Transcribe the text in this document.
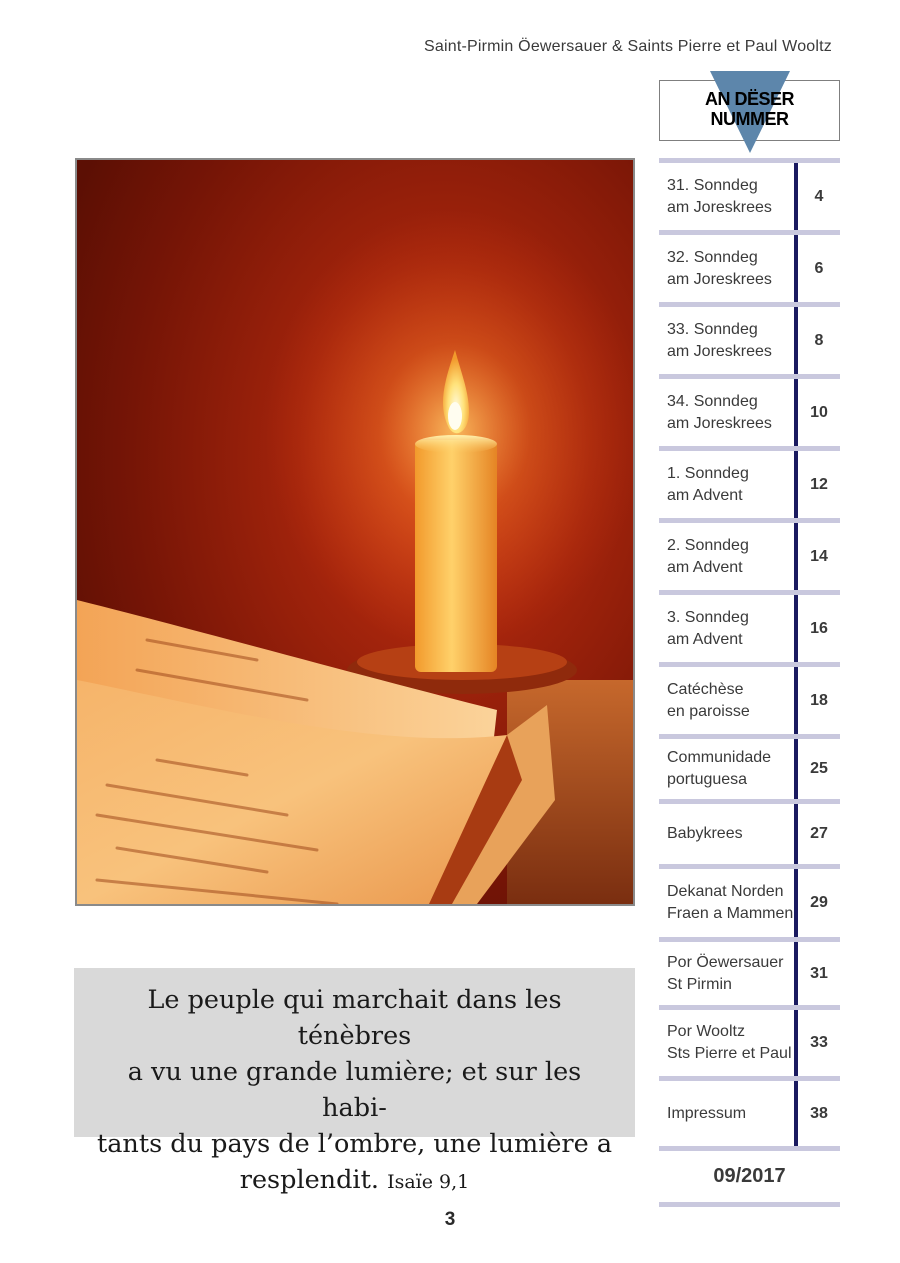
Saint-Pirmin Öewersauer & Saints Pierre et Paul Wooltz
AN DËSER
NUMMER
Le peuple qui marchait dans les ténèbres
a vu une grande lumière; et sur les habi-
tants du pays de l’ombre, une lumière a
resplendit. Isaïe 9,1
31. Sonndeg
am Joreskrees
4
32. Sonndeg
am Joreskrees
6
33. Sonndeg
am Joreskrees
8
34. Sonndeg
am Joreskrees
10
1. Sonndeg
am Advent
12
2. Sonndeg
am Advent
14
3. Sonndeg
am Advent
16
Catéchèse
en paroisse
18
Communidade
portuguesa
25
Babykrees	27
Dekanat Norden
Fraen a Mammen
29
Por Öewersauer
St Pirmin
31
Por Wooltz
Sts Pierre et Paul
33
Impressum	38
09/2017
3
